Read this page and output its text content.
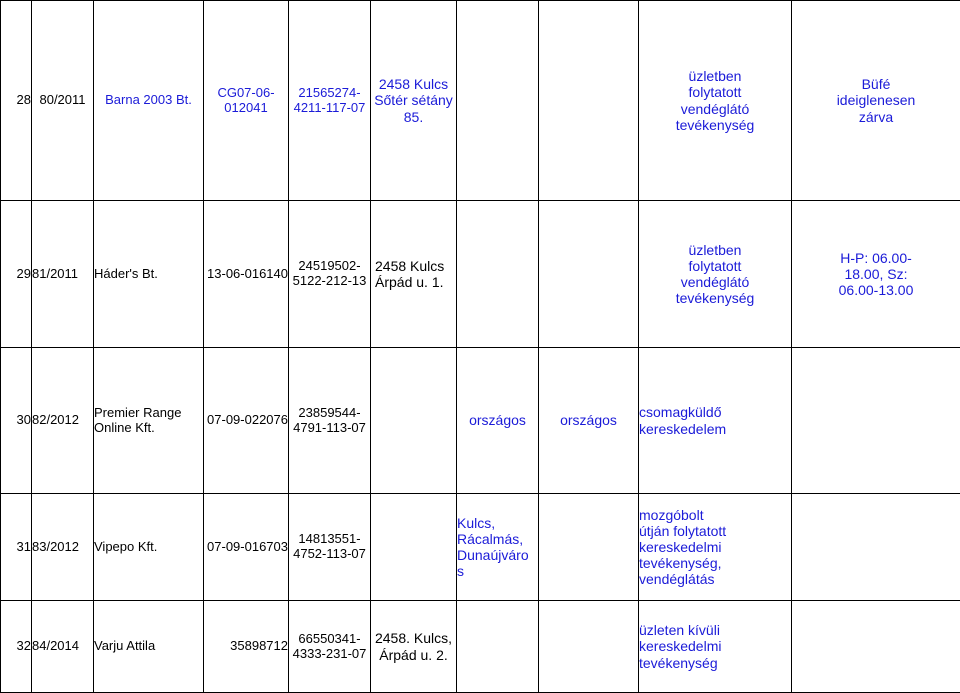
28	80/2011	Barna 2003 Bt.	CG07-06-
012041	21565274-
4211-117-07	2458 Kulcs
Sőtér sétány
85.			üzletben
folytatott
vendéglátó
tevékenység	Büfé
ideiglenesen
zárva
29	81/2011	Háder's Bt.	13-06-016140	24519502-
5122-212-13	2458 Kulcs
Árpád u. 1.			üzletben
folytatott
vendéglátó
tevékenység	H-P: 06.00-
18.00, Sz:
06.00-13.00
30	82/2012	Premier Range
Online Kft.	07-09-022076	23859544-
4791-113-07		országos	országos	csomagküldő
kereskedelem	
31	83/2012	Vipepo Kft.	07-09-016703	14813551-
4752-113-07		Kulcs,
Rácalmás,
Dunaújváro
s		mozgóbolt
útján folytatott
kereskedelmi
tevékenység,
vendéglátás	
32	84/2014	Varju Attila	35898712	66550341-
4333-231-07	2458. Kulcs,
Árpád u. 2.			üzleten kívüli
kereskedelmi
tevékenység	
